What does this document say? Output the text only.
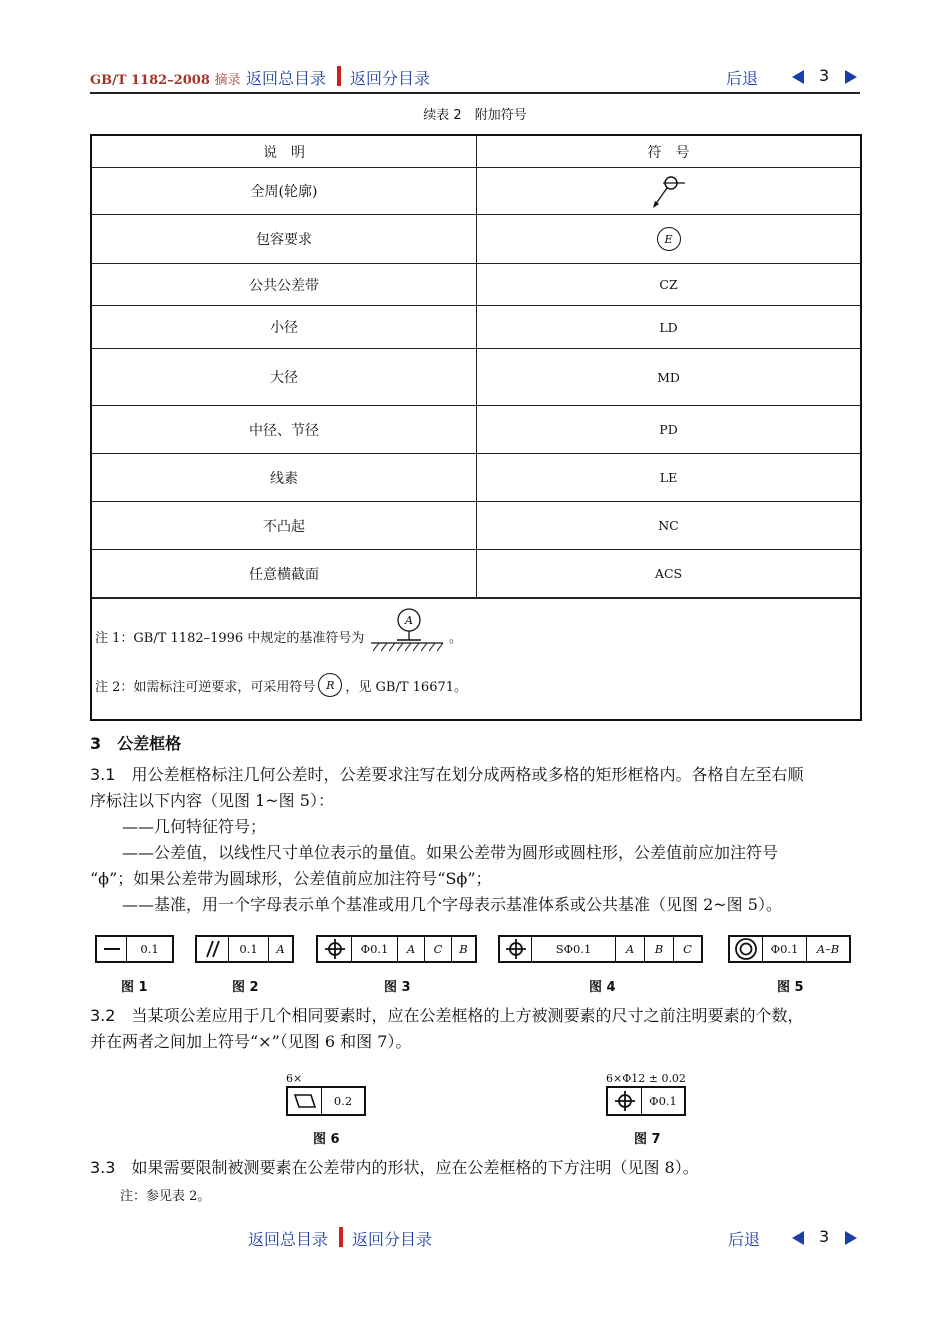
GB/T 1182–2008 摘录 返回总目录 返回分目录	后退	3
续表 2　附加符号
说　明	符　号
全周(轮廓)
包容要求	E
公共公差带	CZ
小径	LD
大径	MD
中径、节径	PD
线素	LE
不凸起	NC
任意横截面	ACS
注 1：GB/T 1182–1996 中规定的基准符号为
A
。
注 2：如需标注可逆要求，可采用符号 R ，见 GB/T 16671。
3　公差框格
3.1　 用公差框格标注几何公差时，公差要求注写在划分成两格或多格的矩形框格内。各格自左至右顺
序标注以下内容（见图 1~图 5）：
——几何特征符号；
——公差值，以线性尺寸单位表示的量值。如果公差带为圆形或圆柱形，公差值前应加注符号
“ϕ”；如果公差带为圆球形，公差值前应加注符号“Sϕ”；
——基准，用一个字母表示单个基准或用几个字母表示基准体系或公共基准（见图 2~图 5）。
0.1
图 1
0.1	A
图 2
Φ0.1	A	C	B
图 3
SΦ0.1	A	B	C
图 4
Φ0.1	A–B
图 5
3.2　 当某项公差应用于几个相同要素时，应在公差框格的上方被测要素的尺寸之前注明要素的个数，
并在两者之间加上符号“×”（见图 6 和图 7）。
6×
0.2
图 6
6×Φ12 ± 0.02
Φ0.1
图 7
3.3　 如果需要限制被测要素在公差带内的形状，应在公差框格的下方注明（见图 8）。
注：参见表 2。
返回总目录 返回分目录	后退	3
